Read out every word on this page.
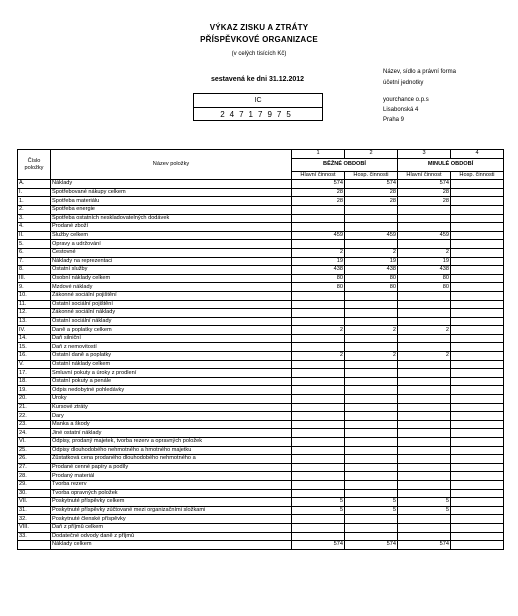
VÝKAZ ZISKU A ZTRÁTY
PŘÍSPĚVKOVÉ ORGANIZACE
(v celých tisících Kč)
sestavená ke dni 31.12.2012
IC
24717975
Název, sídlo a právní forma
účetní jednotky
yourchance o.p.s
Lisabonská 4
Praha 9
Číslo položky	Název položky	1	2	3	4
		BĚŽNÉ OBDOBÍ		MINULÉ OBDOBÍ	
		Hlavní činnost	Hosp. činnosti	Hlavní činnost	Hosp. činnosti
A.	Náklady	574	574	574	
I.	Spotřebované nákupy celkem	28	28	28	
1.	Spotřeba materiálu	28	28	28	
2.	Spotřeba energie				
3.	Spotřeba ostatních neskladovatelných dodávek				
4.	Prodané zboží				
II.	Služby celkem	459	459	459	
5.	Opravy a udržování				
6.	Cestovné	2	2	2	
7.	Náklady na reprezentaci	19	19	19	
8.	Ostatní služby	438	438	438	
III.	Osobní náklady celkem	80	80	80	
9.	Mzdové náklady	80	80	80	
10.	Zákonné sociální pojištění				
11.	Ostatní sociální pojištění				
12.	Zákonné sociální náklady				
13.	Ostatní sociální náklady				
IV.	Daně a poplatky celkem	2	2	2	
14.	Daň silniční				
15.	Daň z nemovitostí				
16.	Ostatní daně a poplatky	2	2	2	
V.	Ostatní náklady celkem				
17.	Smluvní pokuty a úroky z prodlení				
18.	Ostatní pokuty a penále				
19.	Odpis nedobytné pohledávky				
20.	Úroky				
21.	Kursové ztráty				
22.	Dary				
23.	Manka a škody				
24.	Jiné ostatní náklady				
VI.	Odpisy, prodaný majetek, tvorba rezerv a opravných položek				
25.	Odpisy dlouhodobého nehmotného a hmotného majetku				
26.	Zůstatková cena prodaného dlouhodobého nehmotného a				
27.	Prodané cenné papíry a podíly				
28.	Prodaný materiál				
29.	Tvorba rezerv				
30.	Tvorba opravných položek				
VII.	Poskytnuté příspěvky celkem	5	5	5	
31.	Poskytnuté příspěvky zúčtované mezi organizačními složkami	5	5	5	
32.	Poskytnuté členské příspěvky				
VIII.	Daň z příjmů celkem				
33.	Dodatečné odvody daně z příjmů				
	Náklady celkem	574	574	574	
